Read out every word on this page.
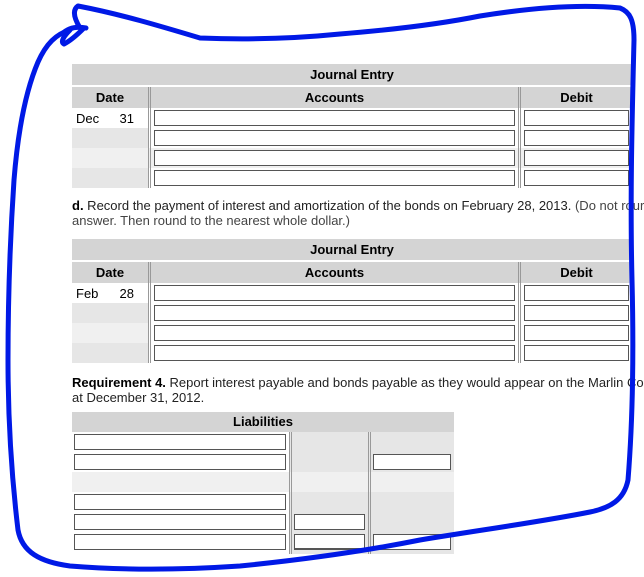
Journal Entry		
Date	Accounts	Debit
Dec 31	

d. Record the payment of interest and amortization of the bonds on February 28, 2013. (Do not rour
answer. Then round to the nearest whole dollar.)
Journal Entry		
Date	Accounts	Debit
Feb 28	

Requirement 4. Report interest payable and bonds payable as they would appear on the Marlin Co
at December 31, 2012.
Liabilities
